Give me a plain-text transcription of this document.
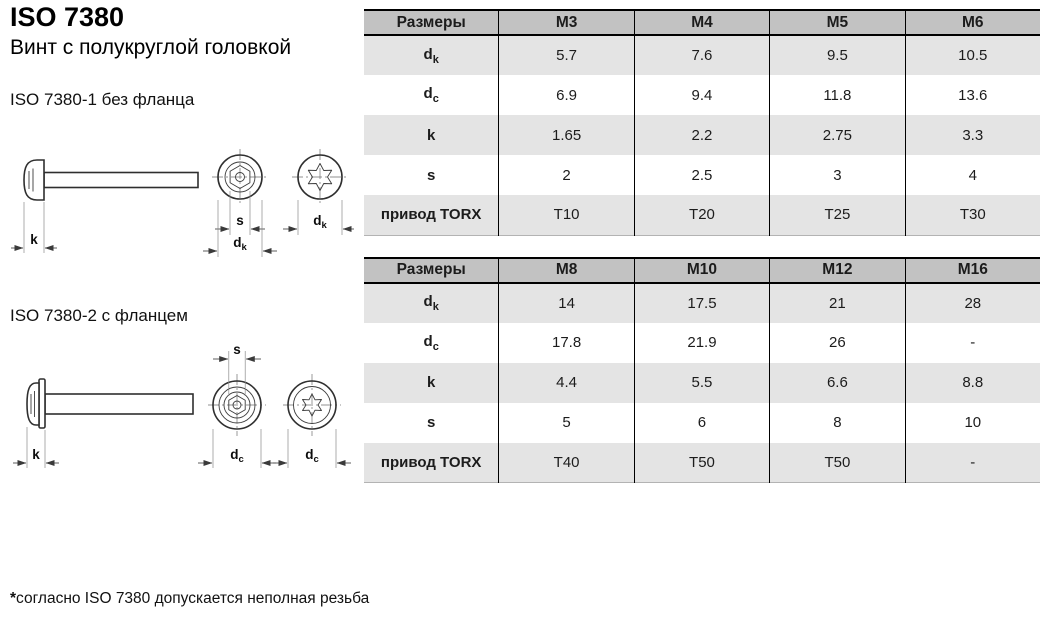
ISO 7380
Винт с полукруглой головкой
ISO 7380-1 без фланца
k
s
$d_k$
$d_k$
ISO 7380-2 с фланцем
k
s
$d_c$	$d_c$
*согласно ISO 7380 допускается неполная резьба
Размеры	M3	M4	M5	M6
$d_k$	5.7	7.6	9.5	10.5
$d_c$	6.9	9.4	11.8	13.6
k	1.65	2.2	2.75	3.3
s	2	2.5	3	4
привод TORX	T10	T20	T25	T30
Размеры	M8	M10	M12	M16
$d_k$	14	17.5	21	28
$d_c$	17.8	21.9	26	-
k	4.4	5.5	6.6	8.8
s	5	6	8	10
привод TORX	T40	T50	T50	-
